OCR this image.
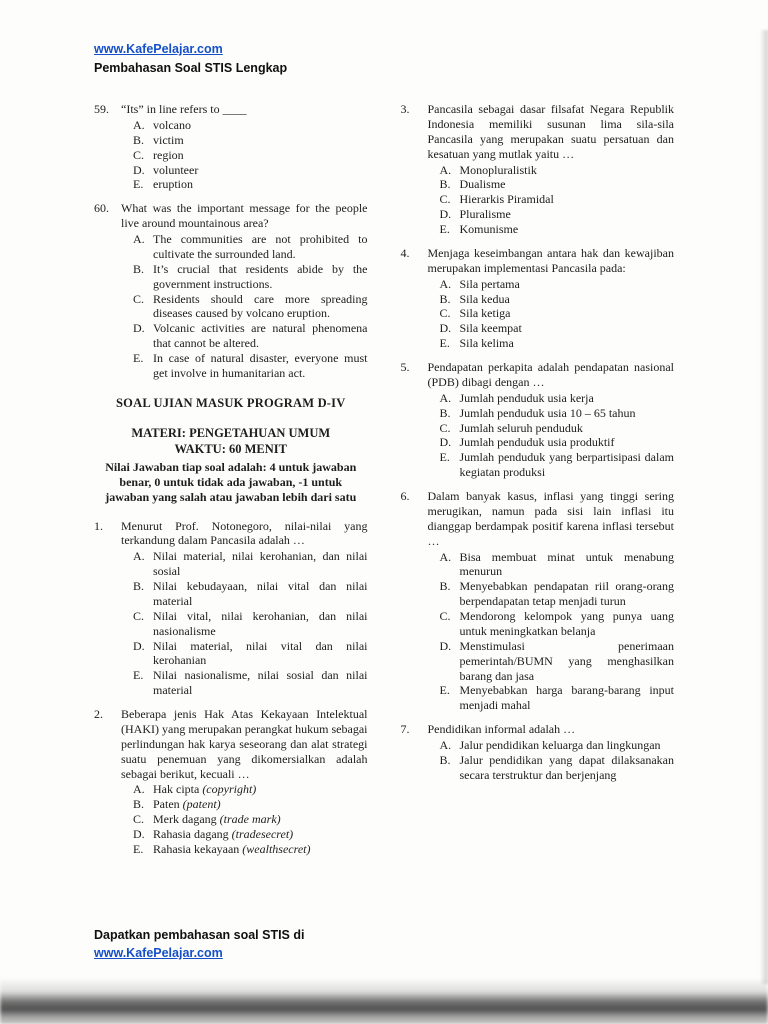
www.KafePelajar.com
Pembahasan Soal STIS Lengkap
59.	“Its” in line refers to ____
A. volcano
B. victim
C. region
D. volunteer
E. eruption
60.	What was the important message for the people live around mountainous area?
A. The communities are not prohibited to cultivate the surrounded land.
B. It’s crucial that residents abide by the government instructions.
C. Residents should care more spreading diseases caused by volcano eruption.
D. Volcanic activities are natural phenomena that cannot be altered.
E. In case of natural disaster, everyone must get involve in humanitarian act.
SOAL UJIAN MASUK PROGRAM D-IV
MATERI: PENGETAHUAN UMUM
WAKTU: 60 MENIT
Nilai Jawaban tiap soal adalah: 4 untuk jawaban benar, 0 untuk tidak ada jawaban, -1 untuk jawaban yang salah atau jawaban lebih dari satu
1.	Menurut Prof. Notonegoro, nilai-nilai yang terkandung dalam Pancasila adalah …
A. Nilai material, nilai kerohanian, dan nilai sosial
B. Nilai kebudayaan, nilai vital dan nilai material
C. Nilai vital, nilai kerohanian, dan nilai nasionalisme
D. Nilai material, nilai vital dan nilai kerohanian
E. Nilai nasionalisme, nilai sosial dan nilai material
2.	Beberapa jenis Hak Atas Kekayaan Intelektual (HAKI) yang merupakan perangkat hukum sebagai perlindungan hak karya seseorang dan alat strategi suatu penemuan yang dikomersialkan adalah sebagai berikut, kecuali …
A. Hak cipta (copyright)
B. Paten (patent)
C. Merk dagang (trade mark)
D. Rahasia dagang (tradesecret)
E. Rahasia kekayaan (wealthsecret)
3.	Pancasila sebagai dasar filsafat Negara Republik Indonesia memiliki susunan lima sila-sila Pancasila yang merupakan suatu persatuan dan kesatuan yang mutlak yaitu …
A. Monopluralistik
B. Dualisme
C. Hierarkis Piramidal
D. Pluralisme
E. Komunisme
4.	Menjaga keseimbangan antara hak dan kewajiban merupakan implementasi Pancasila pada:
A. Sila pertama
B. Sila kedua
C. Sila ketiga
D. Sila keempat
E. Sila kelima
5.	Pendapatan perkapita adalah pendapatan nasional (PDB) dibagi dengan …
A. Jumlah penduduk usia kerja
B. Jumlah penduduk usia 10 – 65 tahun
C. Jumlah seluruh penduduk
D. Jumlah penduduk usia produktif
E. Jumlah penduduk yang berpartisipasi dalam kegiatan produksi
6.	Dalam banyak kasus, inflasi yang tinggi sering merugikan, namun pada sisi lain inflasi itu dianggap berdampak positif karena inflasi tersebut …
A. Bisa membuat minat untuk menabung menurun
B. Menyebabkan pendapatan riil orang-orang berpendapatan tetap menjadi turun
C. Mendorong kelompok yang punya uang untuk meningkatkan belanja
D. Menstimulasi penerimaan pemerintah/BUMN yang menghasilkan barang dan jasa
E. Menyebabkan harga barang-barang input menjadi mahal
7.	Pendidikan informal adalah …
A. Jalur pendidikan keluarga dan lingkungan
B. Jalur pendidikan yang dapat dilaksanakan secara terstruktur dan berjenjang
Dapatkan pembahasan soal STIS di
www.KafePelajar.com
